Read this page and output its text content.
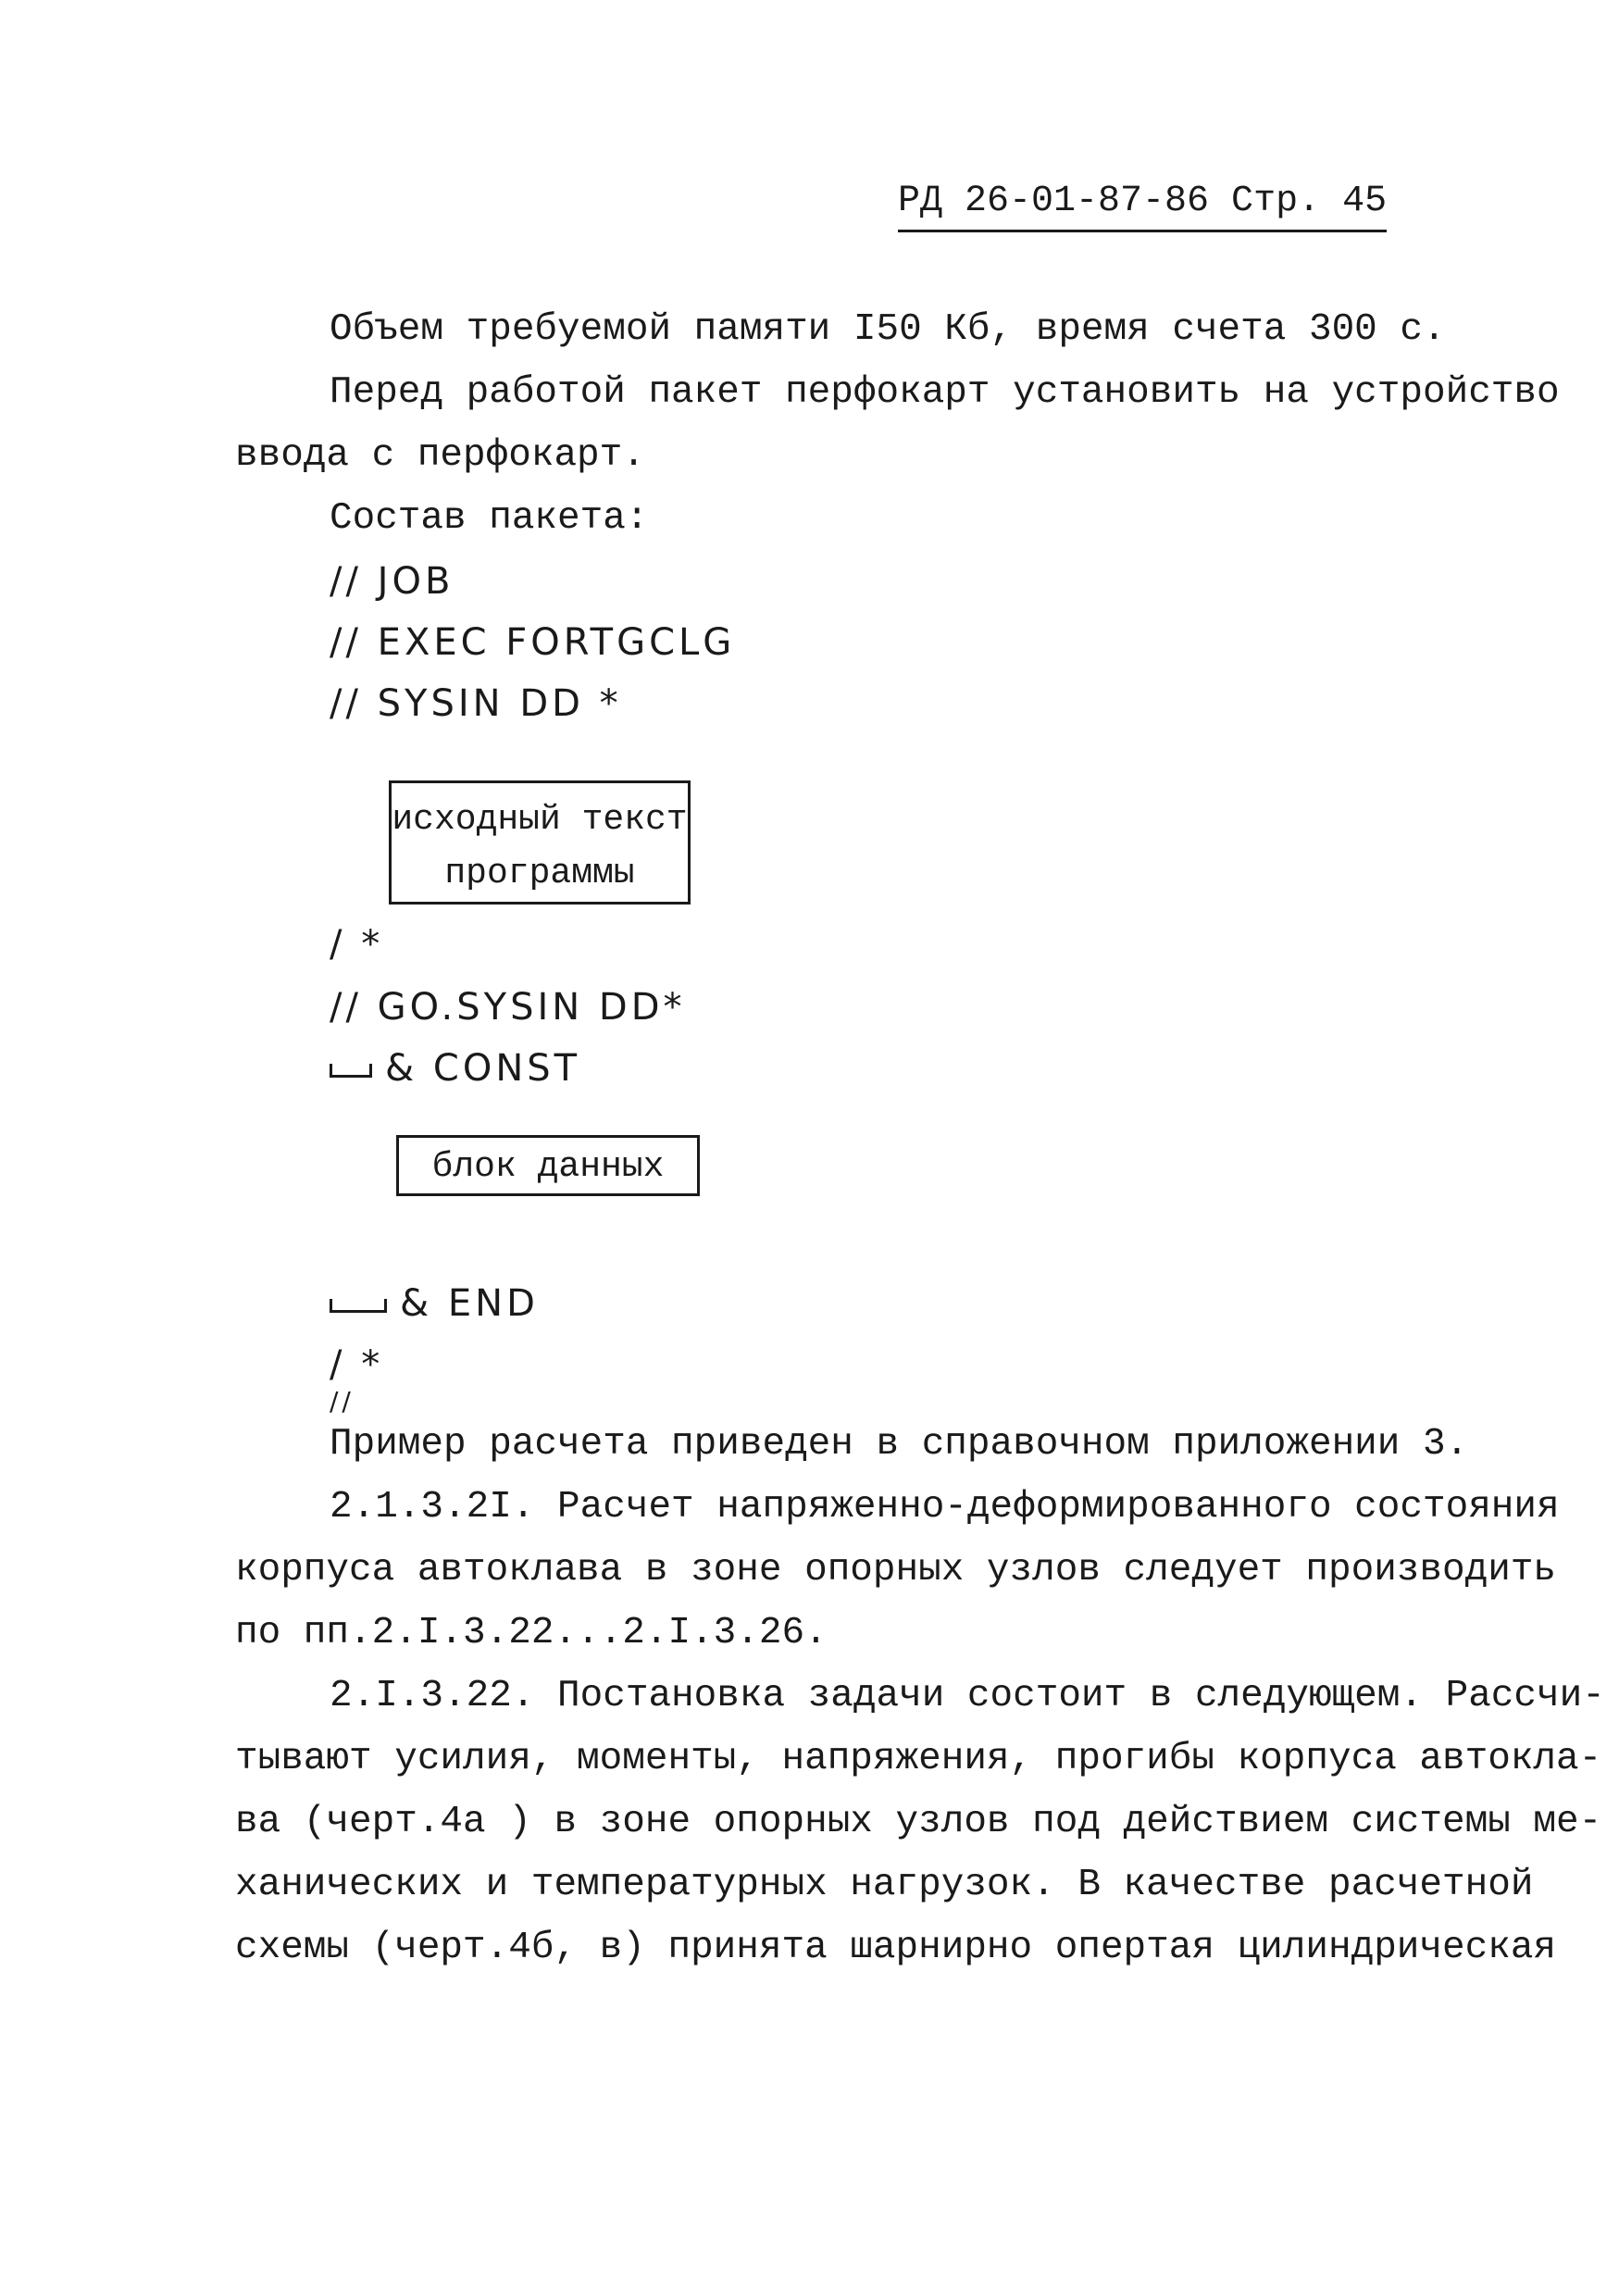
РД 26-01-87-86 Стр. 45
Объем требуемой памяти I50 Кб, время счета 300 с.
Перед работой пакет перфокарт установить на устройство
ввода с перфокарт.
Состав пакета:
// JOB
// EXEC FORTGCLG
// SYSIN DD *
исходный текст
программы
/ *
// GO.SYSIN DD*
& CONST
блок данных
& END
/ *
//
Пример расчета приведен в справочном приложении 3.
2.1.3.2I. Расчет напряженно-деформированного состояния
корпуса автоклава в зоне опорных узлов следует производить
по пп.2.I.3.22...2.I.3.26.
2.I.3.22. Постановка задачи состоит в следующем. Рассчи-
тывают усилия, моменты, напряжения, прогибы корпуса автокла-
ва (черт.4а ) в зоне опорных узлов под действием системы ме-
ханических и температурных нагрузок. В качестве расчетной
схемы (черт.4б, в) принята шарнирно опертая цилиндрическая
